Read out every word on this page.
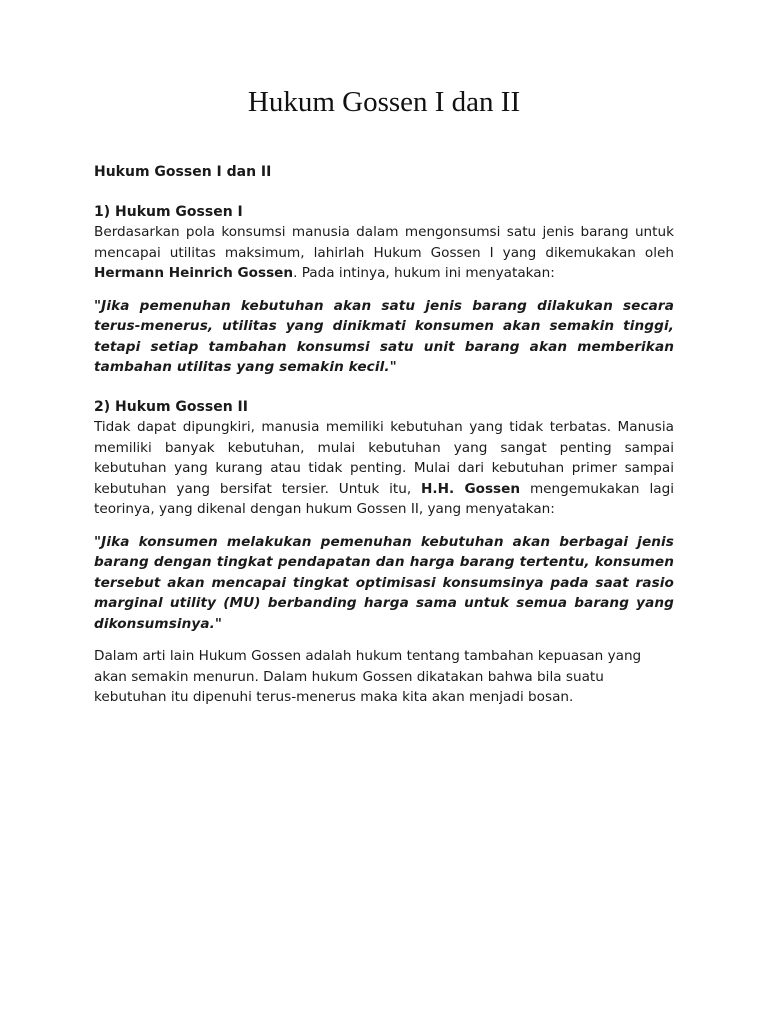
Hukum Gossen I dan II
Hukum Gossen I dan II
1) Hukum Gossen I

Berdasarkan pola konsumsi manusia dalam mengonsumsi satu jenis barang untuk mencapai utilitas maksimum, lahirlah Hukum Gossen I yang dikemukakan oleh Hermann Heinrich Gossen. Pada intinya, hukum ini menyatakan:

"Jika pemenuhan kebutuhan akan satu jenis barang dilakukan secara terus-menerus, utilitas yang dinikmati konsumen akan semakin tinggi, tetapi setiap tambahan konsumsi satu unit barang akan memberikan tambahan utilitas yang semakin kecil."

2) Hukum Gossen II

Tidak dapat dipungkiri, manusia memiliki kebutuhan yang tidak terbatas. Manusia memiliki banyak kebutuhan, mulai kebutuhan yang sangat penting sampai kebutuhan yang kurang atau tidak penting. Mulai dari kebutuhan primer sampai kebutuhan yang bersifat tersier. Untuk itu, H.H. Gossen mengemukakan lagi teorinya, yang dikenal dengan hukum Gossen II, yang menyatakan:

"Jika konsumen melakukan pemenuhan kebutuhan akan berbagai jenis barang dengan tingkat pendapatan dan harga barang tertentu, konsumen tersebut akan mencapai tingkat optimisasi konsumsinya pada saat rasio marginal utility (MU) berbanding harga sama untuk semua barang yang dikonsumsinya."

Dalam arti lain Hukum Gossen adalah hukum tentang tambahan kepuasan yang akan semakin menurun. Dalam hukum Gossen dikatakan bahwa bila suatu kebutuhan itu dipenuhi terus-menerus maka kita akan menjadi bosan.
